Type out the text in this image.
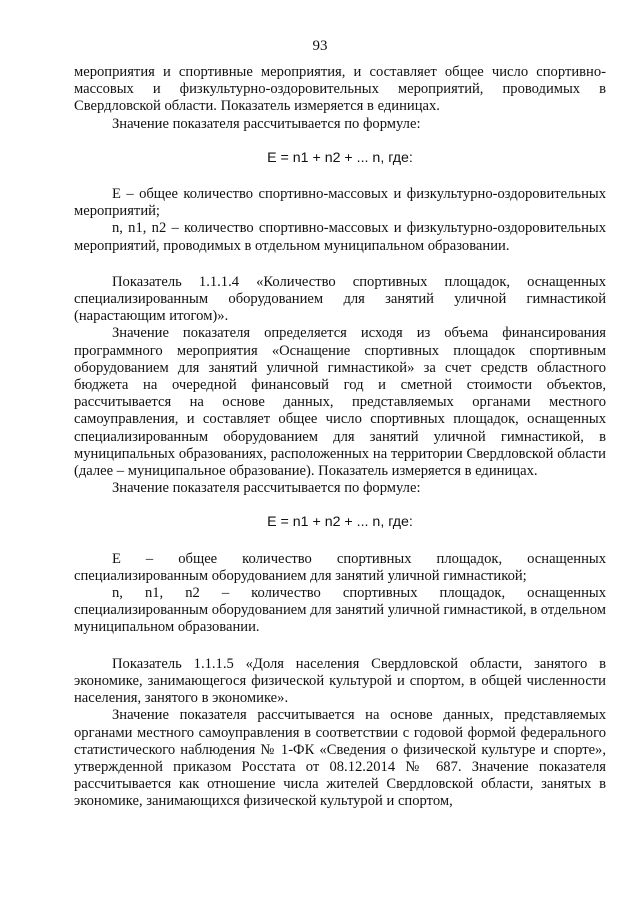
93

мероприятия и спортивные мероприятия, и составляет общее число спортивно-массовых и физкультурно-оздоровительных мероприятий, проводимых в Свердловской области. Показатель измеряется в единицах.

Значение показателя рассчитывается по формуле:

E = n1 + n2 + ... n, где:

E – общее количество спортивно-массовых и физкультурно-оздоровительных мероприятий;

n, n1, n2 – количество спортивно-массовых и физкультурно-оздоровительных мероприятий, проводимых в отдельном муниципальном образовании.

Показатель 1.1.1.4 «Количество спортивных площадок, оснащенных специализированным оборудованием для занятий уличной гимнастикой (нарастающим итогом)».

Значение показателя определяется исходя из объема финансирования программного мероприятия «Оснащение спортивных площадок спортивным оборудованием для занятий уличной гимнастикой» за счет средств областного бюджета на очередной финансовый год и сметной стоимости объектов, рассчитывается на основе данных, представляемых органами местного самоуправления, и составляет общее число спортивных площадок, оснащенных специализированным оборудованием для занятий уличной гимнастикой, в муниципальных образованиях, расположенных на территории Свердловской области (далее – муниципальное образование). Показатель измеряется в единицах.

Значение показателя рассчитывается по формуле:

E = n1 + n2 + ... n, где:

E – общее количество спортивных площадок, оснащенных специализированным оборудованием для занятий уличной гимнастикой;

n, n1, n2 – количество спортивных площадок, оснащенных специализированным оборудованием для занятий уличной гимнастикой, в отдельном муниципальном образовании.

Показатель 1.1.1.5 «Доля населения Свердловской области, занятого в экономике, занимающегося физической культурой и спортом, в общей численности населения, занятого в экономике».

Значение показателя рассчитывается на основе данных, представляемых органами местного самоуправления в соответствии с годовой формой федерального статистического наблюдения № 1-ФК «Сведения о физической культуре и спорте», утвержденной приказом Росстата от 08.12.2014 № 687. Значение показателя рассчитывается как отношение числа жителей Свердловской области, занятых в экономике, занимающихся физической культурой и спортом,
